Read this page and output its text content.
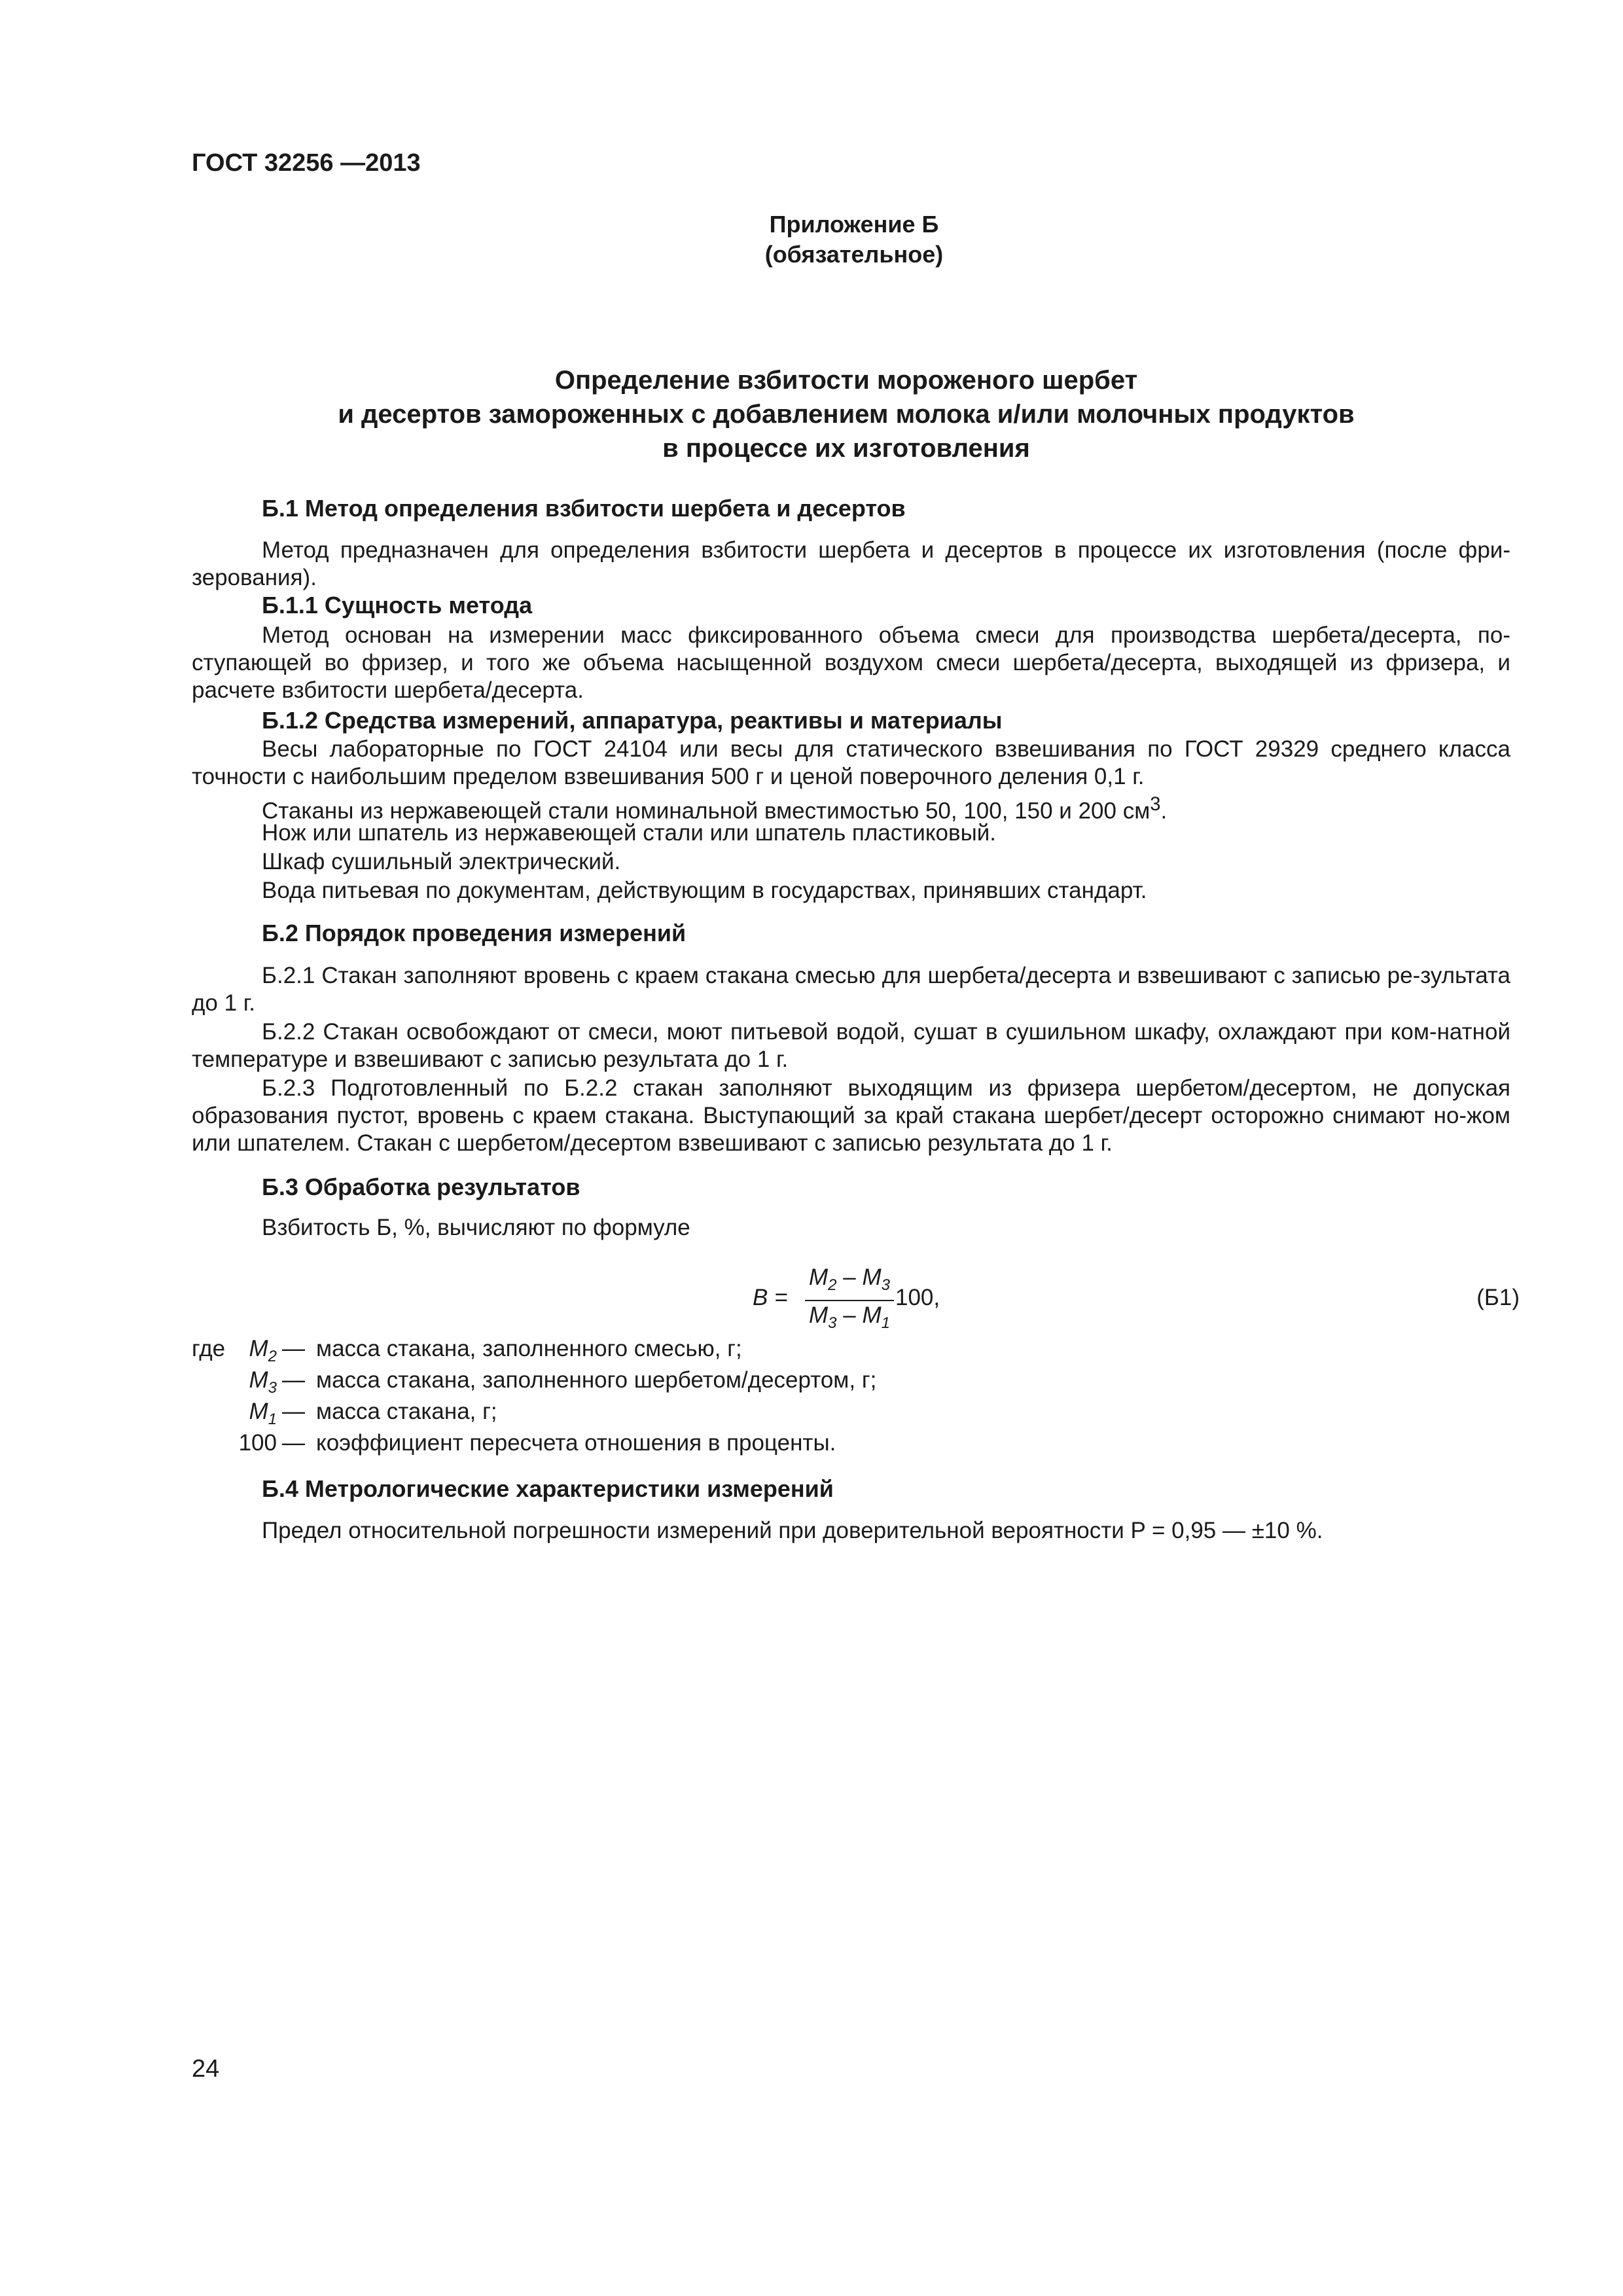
ГОСТ 32256 —2013
Приложение Б
(обязательное)
Определение взбитости мороженого шербет
и десертов замороженных с добавлением молока и/или молочных продуктов
в процессе их изготовления
Б.1 Метод определения взбитости шербета и десертов
Метод предназначен для определения взбитости шербета и десертов в процессе их изготовления (после фри-зерования).
Б.1.1 Сущность метода
Метод основан на измерении масс фиксированного объема смеси для производства шербета/десерта, по-ступающей во фризер, и того же объема насыщенной воздухом смеси шербета/десерта, выходящей из фризера, и расчете взбитости шербета/десерта.
Б.1.2 Средства измерений, аппаратура, реактивы и материалы
Весы лабораторные по ГОСТ 24104 или весы для статического взвешивания по ГОСТ 29329 среднего класса точности с наибольшим пределом взвешивания 500 г и ценой поверочного деления 0,1 г.
Стаканы из нержавеющей стали номинальной вместимостью 50, 100, 150 и 200 $см^3$.
Нож или шпатель из нержавеющей стали или шпатель пластиковый.
Шкаф сушильный электрический.
Вода питьевая по документам, действующим в государствах, принявших стандарт.
Б.2 Порядок проведения измерений
Б.2.1 Стакан заполняют вровень с краем стакана смесью для шербета/десерта и взвешивают с записью ре-зультата до 1 г.
Б.2.2 Стакан освобождают от смеси, моют питьевой водой, сушат в сушильном шкафу, охлаждают при ком-натной температуре и взвешивают с записью результата до 1 г.
Б.2.3 Подготовленный по Б.2.2 стакан заполняют выходящим из фризера шербетом/десертом, не допуская образования пустот, вровень с краем стакана. Выступающий за край стакана шербет/десерт осторожно снимают но-жом или шпателем. Стакан с шербетом/десертом взвешивают с записью результата до 1 г.
Б.3 Обработка результатов
Взбитость Б, %, вычисляют по формуле
$B = \frac{M_2 - M_3}{M_3 - M_1} 100$,	(Б1)
где	$M_2$ — масса стакана, заполненного смесью, г;
$M_3$ — масса стакана, заполненного шербетом/десертом, г;
$M_1$ — масса стакана, г;
100 — коэффициент пересчета отношения в проценты.
Б.4 Метрологические характеристики измерений
Предел относительной погрешности измерений при доверительной вероятности P = 0,95 — ±10 %.
24
